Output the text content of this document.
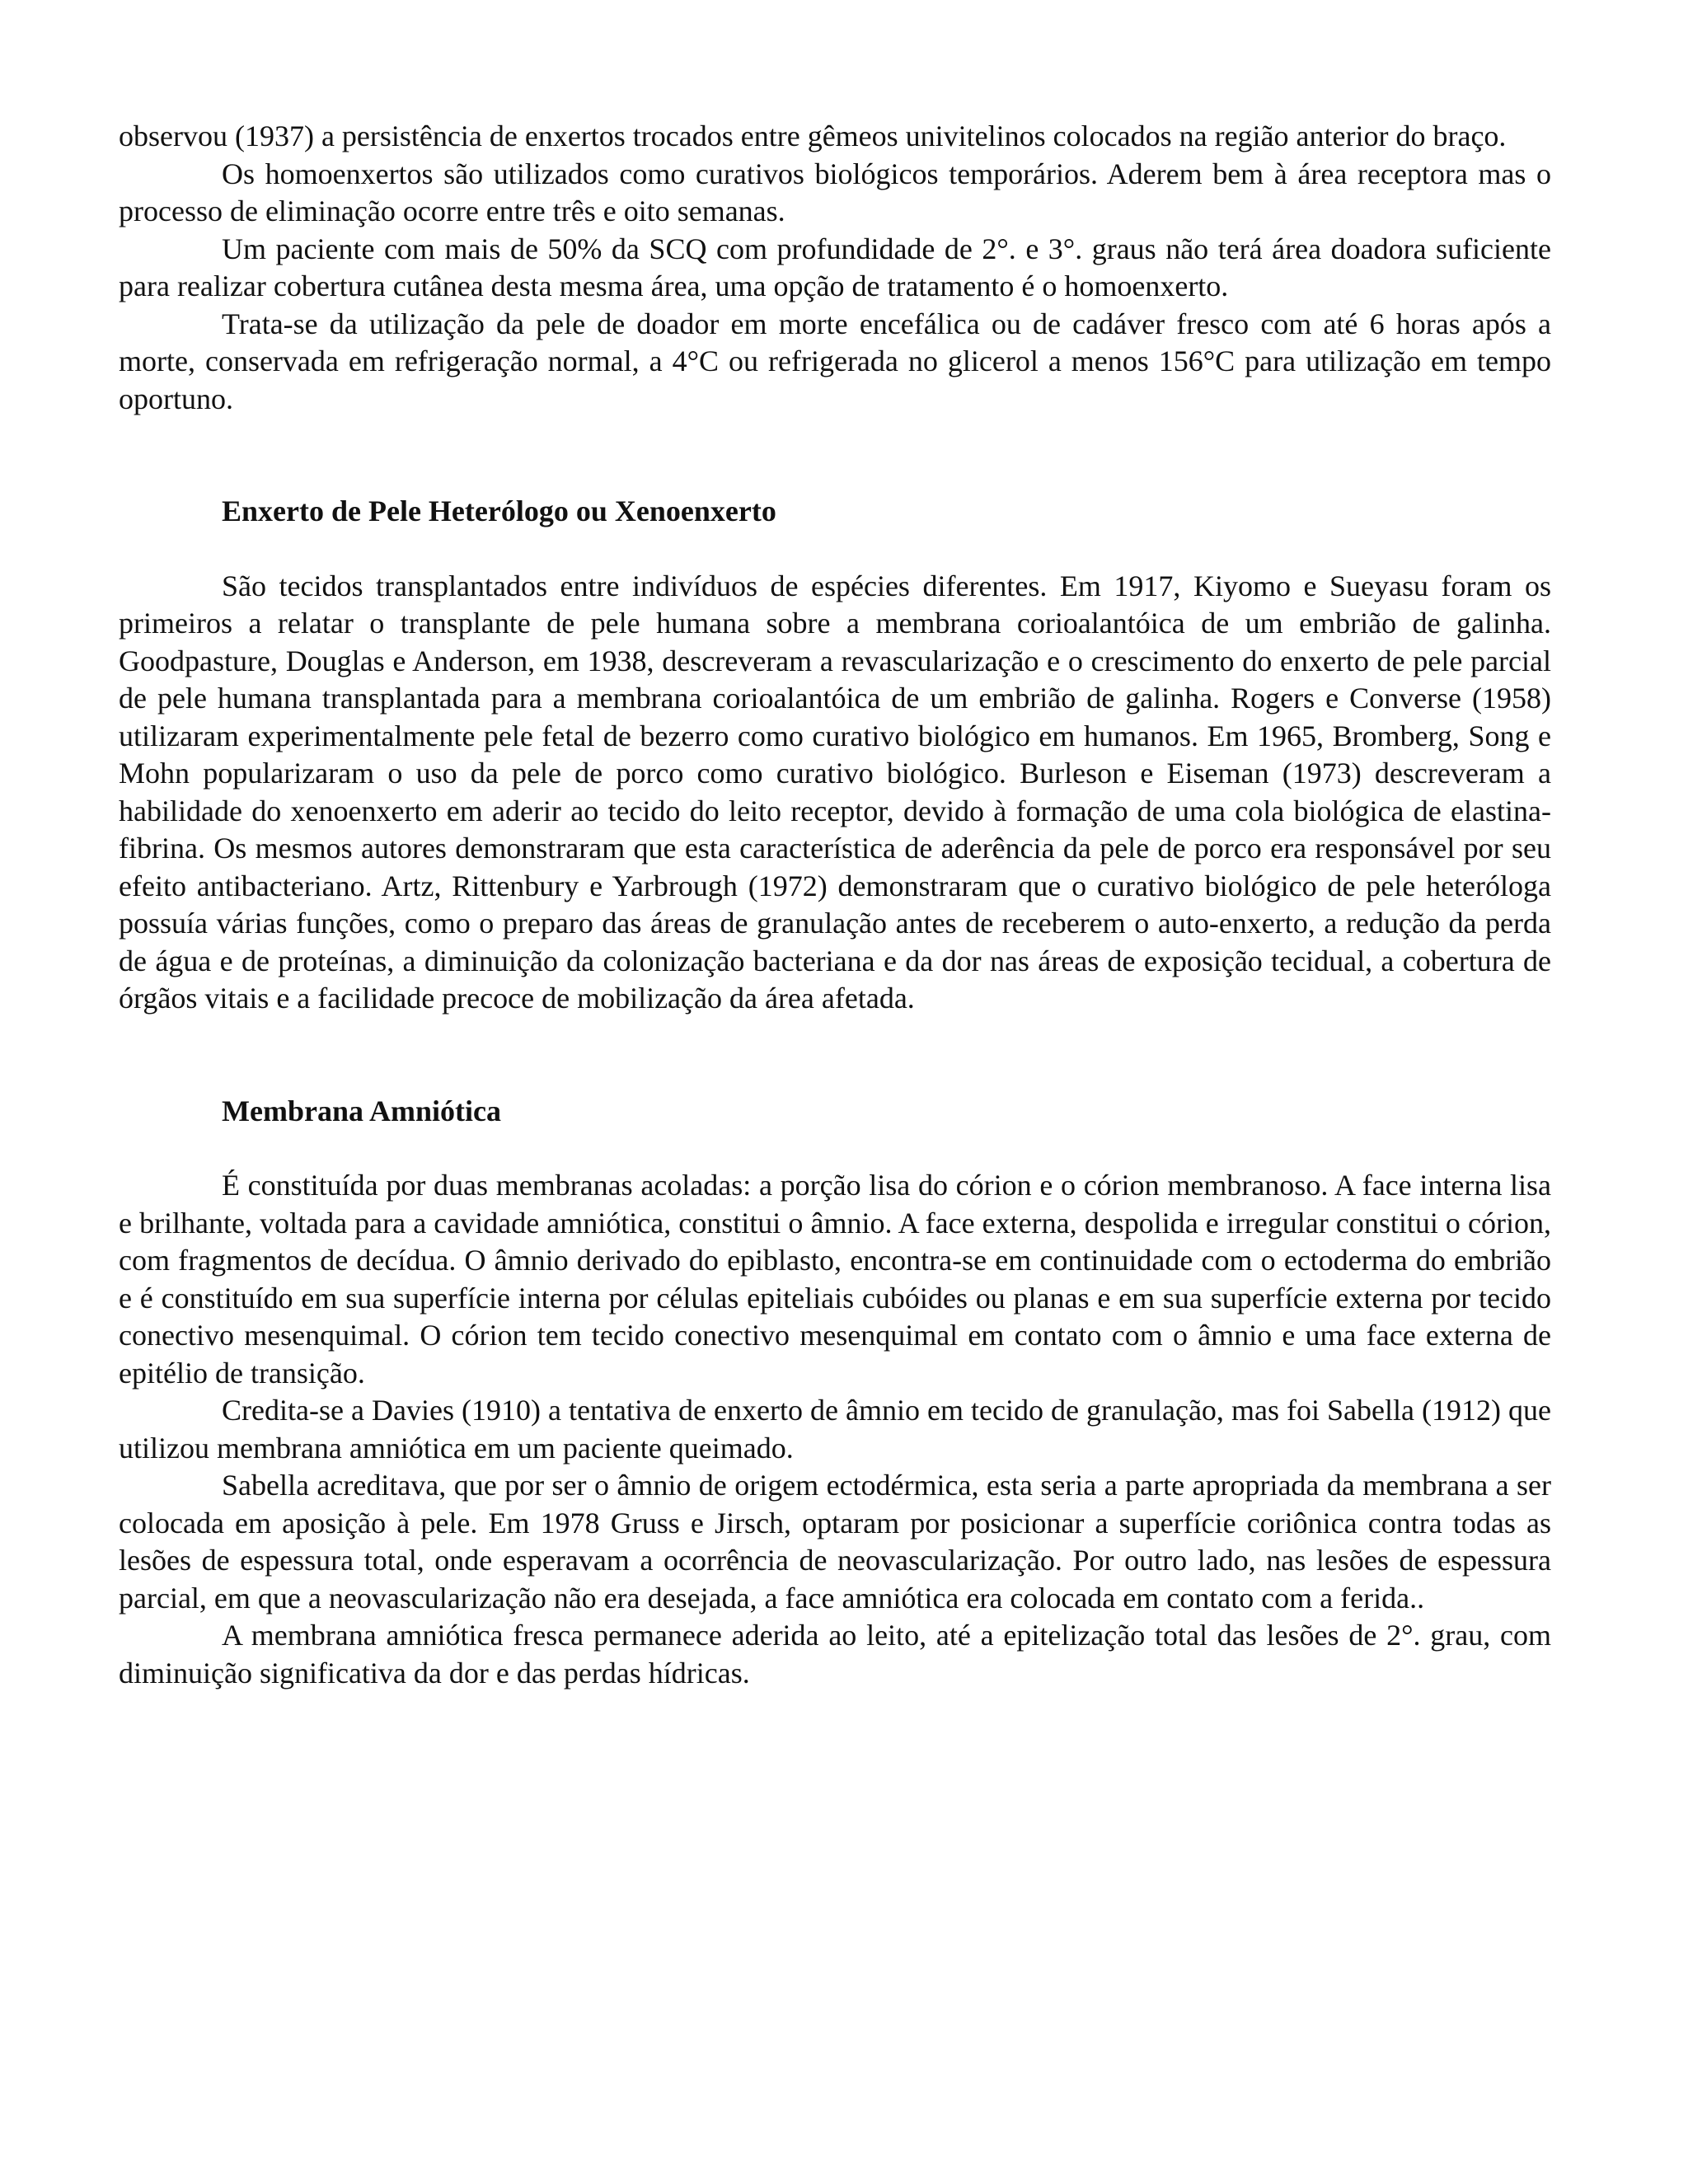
observou (1937) a persistência de enxertos trocados entre gêmeos univitelinos colocados na região anterior do braço.

Os homoenxertos são utilizados como curativos biológicos temporários. Aderem bem à área receptora mas o processo de eliminação ocorre entre três e oito semanas.

Um paciente com mais de 50% da SCQ com profundidade de 2°. e 3°. graus não terá área doadora suficiente para realizar cobertura cutânea desta mesma área, uma opção de tratamento é o homoenxerto.

Trata-se da utilização da pele de doador em morte encefálica ou de cadáver fresco com até 6 horas após a morte, conservada em refrigeração normal, a 4°C ou refrigerada no glicerol a menos 156°C para utilização em tempo oportuno.

Enxerto de Pele Heterólogo ou Xenoenxerto

São tecidos transplantados entre indivíduos de espécies diferentes. Em 1917, Kiyomo e Sueyasu foram os primeiros a relatar o transplante de pele humana sobre a membrana corioalantóica de um embrião de galinha. Goodpasture, Douglas e Anderson, em 1938, descreveram a revascularização e o crescimento do enxerto de pele parcial de pele humana transplantada para a membrana corioalantóica de um embrião de galinha. Rogers e Converse (1958) utilizaram experimentalmente pele fetal de bezerro como curativo biológico em humanos. Em 1965, Bromberg, Song e Mohn popularizaram o uso da pele de porco como curativo biológico. Burleson e Eiseman (1973) descreveram a habilidade do xenoenxerto em aderir ao tecido do leito receptor, devido à formação de uma cola biológica de elastina-fibrina. Os mesmos autores demonstraram que esta característica de aderência da pele de porco era responsável por seu efeito antibacteriano. Artz, Rittenbury e Yarbrough (1972) demonstraram que o curativo biológico de pele heteróloga possuía várias funções, como o preparo das áreas de granulação antes de receberem o auto-enxerto, a redução da perda de água e de proteínas, a diminuição da colonização bacteriana e da dor nas áreas de exposição tecidual, a cobertura de órgãos vitais e a facilidade precoce de mobilização da área afetada.

Membrana Amniótica

É constituída por duas membranas acoladas: a porção lisa do córion e o córion membranoso. A face interna lisa e brilhante, voltada para a cavidade amniótica, constitui o âmnio. A face externa, despolida e irregular constitui o córion, com fragmentos de decídua. O âmnio derivado do epiblasto, encontra-se em continuidade com o ectoderma do embrião e é constituído em sua superfície interna por células epiteliais cubóides ou planas e em sua superfície externa por tecido conectivo mesenquimal. O córion tem tecido conectivo mesenquimal em contato com o âmnio e uma face externa de epitélio de transição.

Credita-se a Davies (1910) a tentativa de enxerto de âmnio em tecido de granulação, mas foi Sabella (1912) que utilizou membrana amniótica em um paciente queimado.

Sabella acreditava, que por ser o âmnio de origem ectodérmica, esta seria a parte apropriada da membrana a ser colocada em aposição à pele. Em 1978 Gruss e Jirsch, optaram por posicionar a superfície coriônica contra todas as lesões de espessura total, onde esperavam a ocorrência de neovascularização. Por outro lado, nas lesões de espessura parcial, em que a neovascularização não era desejada, a face amniótica era colocada em contato com a ferida..

A membrana amniótica fresca permanece aderida ao leito, até a epitelização total das lesões de 2°. grau, com diminuição significativa da dor e das perdas hídricas.
